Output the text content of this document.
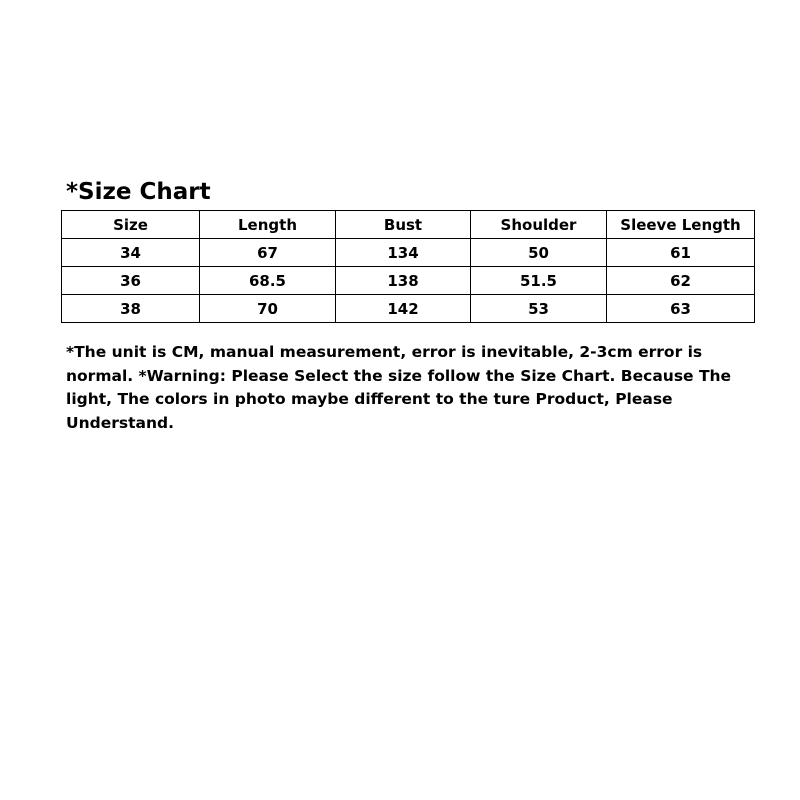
*Size Chart
Size	Length	Bust	Shoulder	Sleeve Length
34	67	134	50	61
36	68.5	138	51.5	62
38	70	142	53	63
*The unit is CM, manual measurement, error is inevitable, 2-3cm error is
normal. *Warning: Please Select the size follow the Size Chart. Because The
light, The colors in photo maybe different to the ture Product, Please
Understand.
